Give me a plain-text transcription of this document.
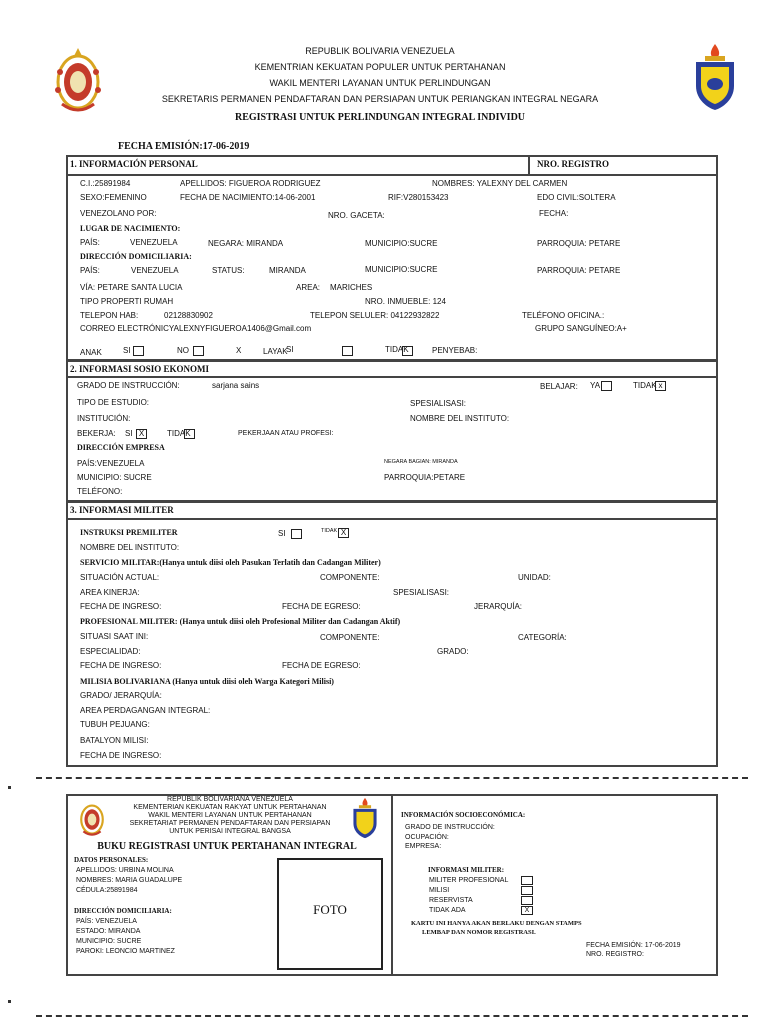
REPUBLIK BOLIVARIA VENEZUELA
KEMENTRIAN KEKUATAN POPULER UNTUK PERTAHANAN
WAKIL MENTERI LAYANAN UNTUK PERLINDUNGAN
SEKRETARIS PERMANEN PENDAFTARAN DAN PERSIAPAN UNTUK PERIANGKAN INTEGRAL NEGARA
REGISTRASI UNTUK PERLINDUNGAN INTEGRAL INDIVIDU
FECHA EMISIÓN:17-06-2019
1. INFORMACIÓN PERSONAL	NRO. REGISTRO
C.I.:25891984	APELLIDOS: FIGUEROA RODRIGUEZ	NOMBRES: YALEXNY DEL CARMEN
SEXO:FEMENINO	FECHA DE NACIMIENTO:14-06-2001	RIF:V280153423	EDO CIVIL:SOLTERA
VENEZOLANO POR:	NRO. GACETA:	FECHA:
LUGAR DE NACIMIENTO:
PAÍS:	VENEZUELA	NEGARA: MIRANDA	MUNICIPIO:SUCRE	PARROQUIA: PETARE
DIRECCIÓN DOMICILIARIA:
PAÍS:	VENEZUELA	STATUS:	MIRANDA	MUNICIPIO:SUCRE	PARROQUIA: PETARE
VÍA: PETARE SANTA LUCIA	AREA: MARICHES
TIPO PROPERTI RUMAH	NRO. INMUEBLE: 124
TELEPON HAB:	02128830902	TELEPON SELULER: 04122932822	TELÉFONO OFICINA.:
CORREO ELECTRÓNICYALEXNYFIGUEROA1406@Gmail.com	GRUPO SANGUÍNEO:A+
ANAK	SI	NO	X	LAYAK
SI	TIDAK	PENYEBAB:
2. INFORMASI SOSIO EKONOMI
GRADO DE INSTRUCCIÓN:	sarjana sains	BELAJAR: YA	TIDAK x
TIPO DE ESTUDIO:	SPESIALISASI:
INSTITUCIÓN:	NOMBRE DEL INSTITUTO:
BEKERJA: SI X	TIDAK	PEKERJAAN ATAU PROFESI:
DIRECCIÓN EMPRESA
PAÍS:VENEZUELA	NEGARA BAGIAN: MIRANDA
MUNICIPIO: SUCRE	PARROQUIA:PETARE
TELÉFONO:
3. INFORMASI MILITER
INSTRUKSI PREMILITER	SI	TIDAK X
NOMBRE DEL INSTITUTO:
SERVICIO MILITAR:(Hanya untuk diisi oleh Pasukan Terlatih dan Cadangan Militer)
SITUACIÓN ACTUAL:	COMPONENTE:	UNIDAD:
AREA KINERJA:	SPESIALISASI:
FECHA DE INGRESO:	FECHA DE EGRESO:	JERARQUÍA:
PROFESIONAL MILITER: (Hanya untuk diisi oleh Profesional Militer dan Cadangan Aktif)
SITUASI SAAT INI:	COMPONENTE:	CATEGORÍA:
ESPECIALIDAD:	GRADO:
FECHA DE INGRESO:	FECHA DE EGRESO:
MILISIA BOLIVARIANA (Hanya untuk diisi oleh Warga Kategori Milisi)
GRADO/ JERARQUÍA:
AREA PERDAGANGAN INTEGRAL:
TUBUH PEJUANG:
BATALYON MILISI:
FECHA DE INGRESO:
REPUBLIK BOLIVARIANA VENEZUELA
KEMENTERIAN KEKUATAN RAKYAT UNTUK PERTAHANAN
WAKIL MENTERI LAYANAN UNTUK PERTAHANAN
SEKRETARIAT PERMANEN PENDAFTARAN DAN PERSIAPAN
UNTUK PERISAI INTEGRAL BANGSA
BUKU REGISTRASI UNTUK PERTAHANAN INTEGRAL
DATOS PERSONALES:
APELLIDOS: URBINA MOLINA
NOMBRES: MARIA GUADALUPE
CÉDULA:25891984
DIRECCIÓN DOMICILIARIA:
PAÍS: VENEZUELA
ESTADO: MIRANDA
MUNICIPIO: SUCRE
PAROKI: LEONCIO MARTINEZ
FOTO
INFORMACIÓN SOCIOECONÓMICA:
GRADO DE INSTRUCCIÓN:
OCUPACIÓN:
EMPRESA:
INFORMASI MILITER:
MILITER PROFESIONAL
MILISI
RESERVISTA
TIDAK ADA	X
KARTU INI HANYA AKAN BERLAKU DENGAN STAMPS
LEMBAP DAN NOMOR REGISTRASI.
FECHA EMISIÓN: 17-06-2019
NRO. REGISTRO:
